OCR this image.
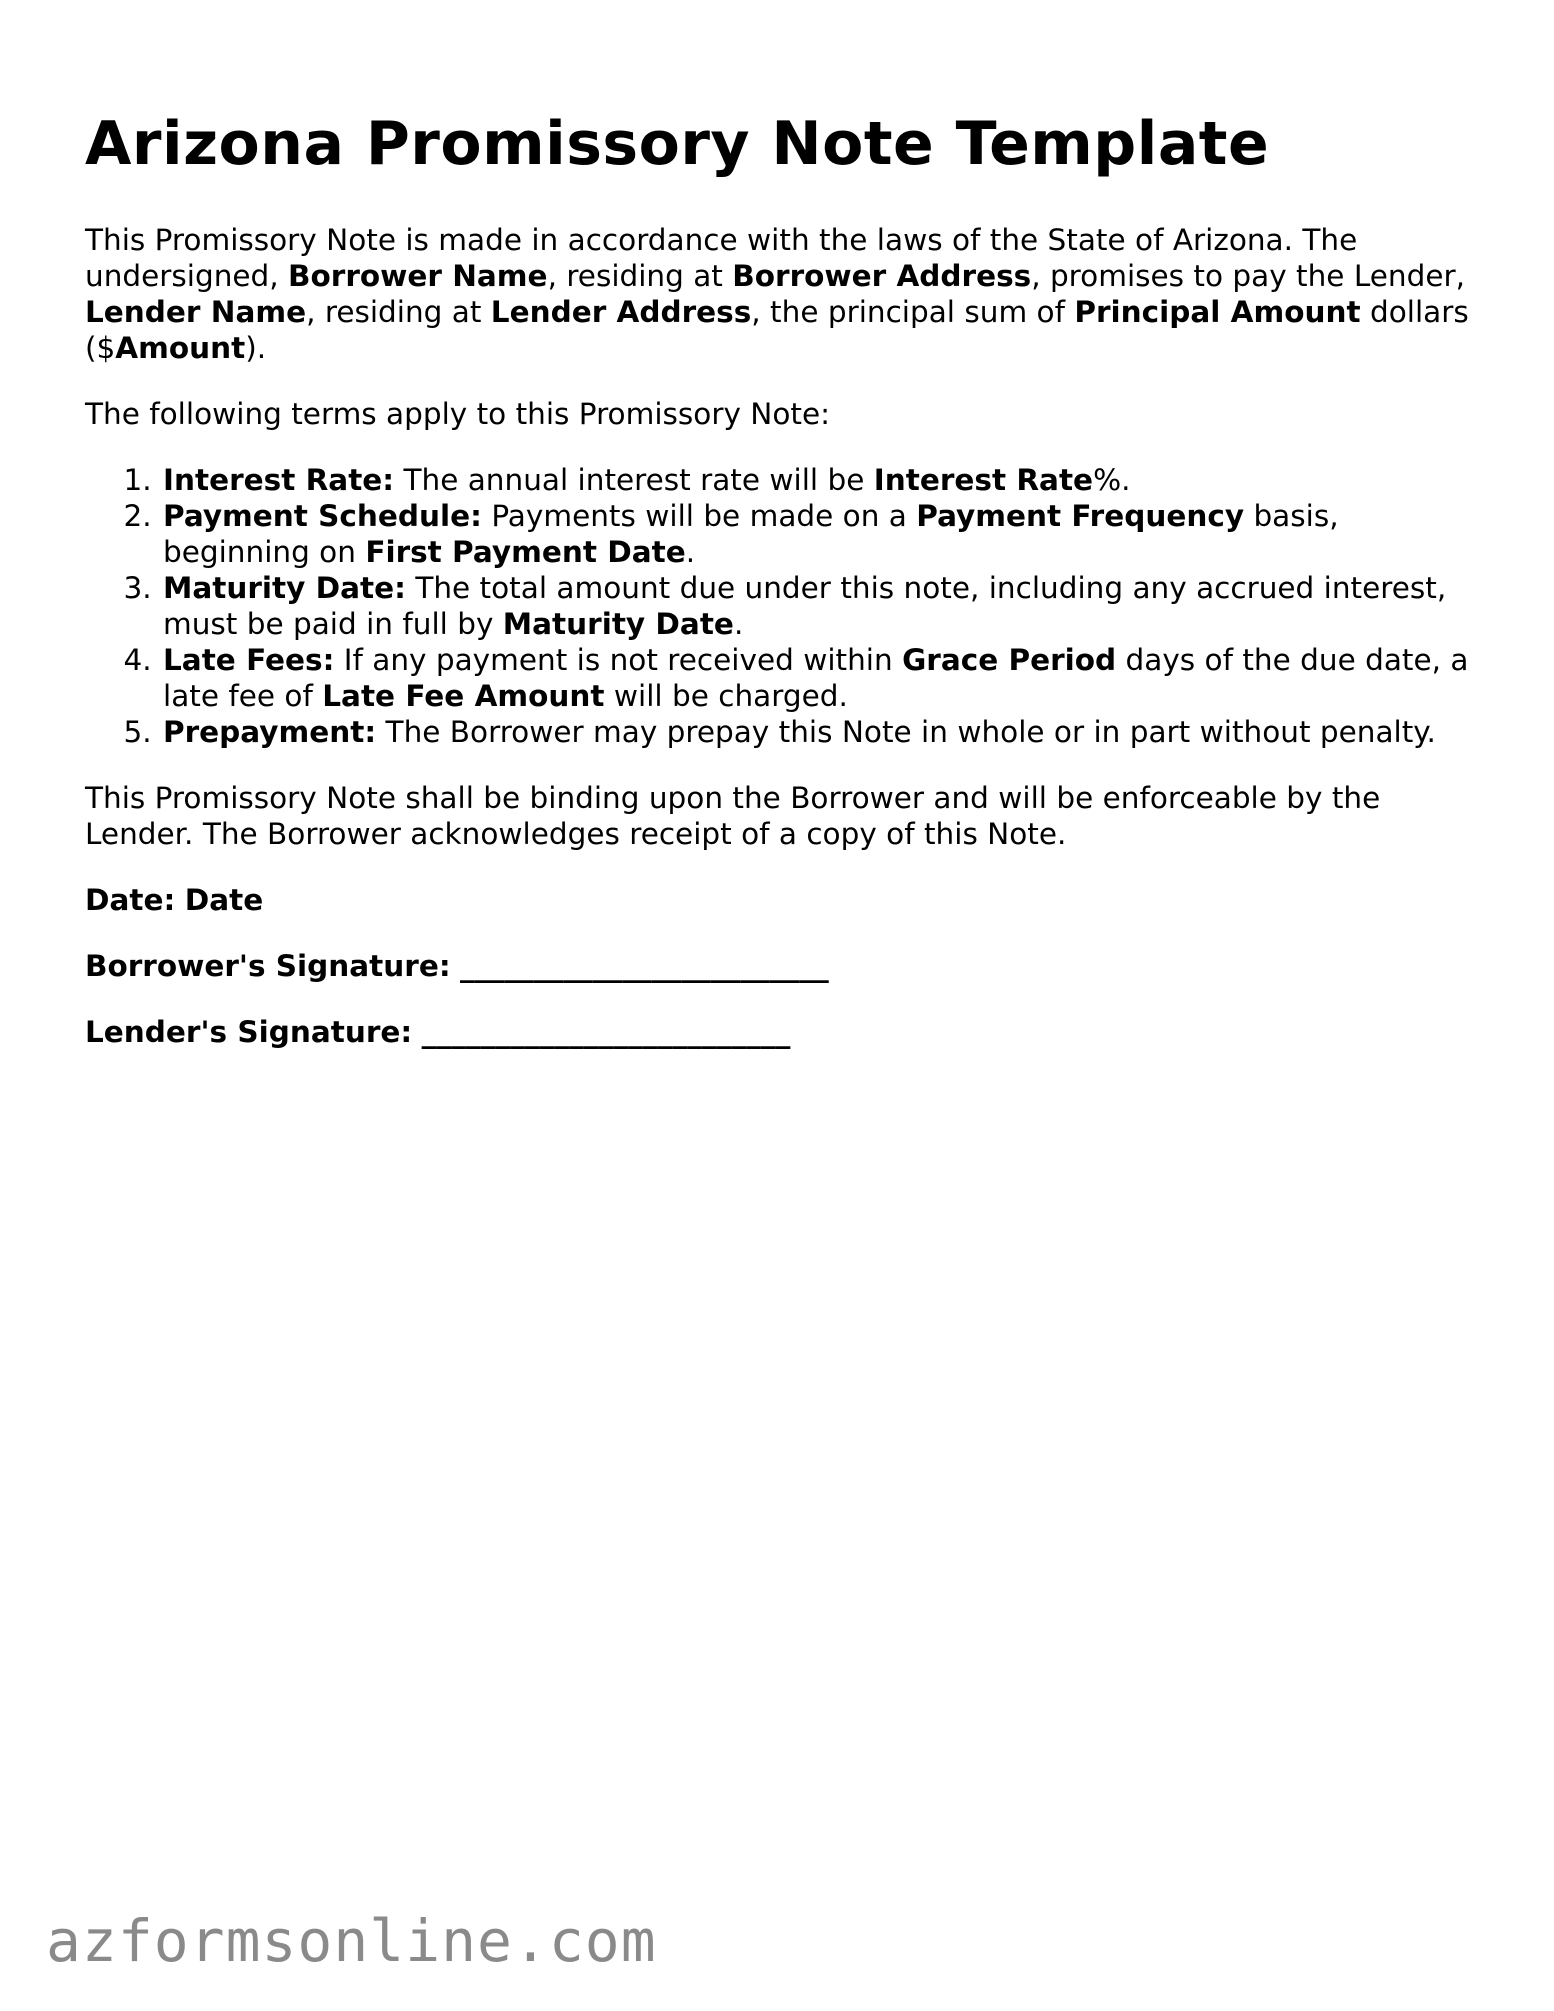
Arizona Promissory Note Template

This Promissory Note is made in accordance with the laws of the State of Arizona. The undersigned, Borrower Name, residing at Borrower Address, promises to pay the Lender, Lender Name, residing at Lender Address, the principal sum of Principal Amount dollars ($Amount).

The following terms apply to this Promissory Note:

1. Interest Rate: The annual interest rate will be Interest Rate%.
2. Payment Schedule: Payments will be made on a Payment Frequency basis, beginning on First Payment Date.
3. Maturity Date: The total amount due under this note, including any accrued interest, must be paid in full by Maturity Date.
4. Late Fees: If any payment is not received within Grace Period days of the due date, a late fee of Late Fee Amount will be charged.
5. Prepayment: The Borrower may prepay this Note in whole or in part without penalty.

This Promissory Note shall be binding upon the Borrower and will be enforceable by the Lender. The Borrower acknowledges receipt of a copy of this Note.

Date: Date

Borrower's Signature: _________________________

Lender's Signature: _________________________

azformsonline.com
